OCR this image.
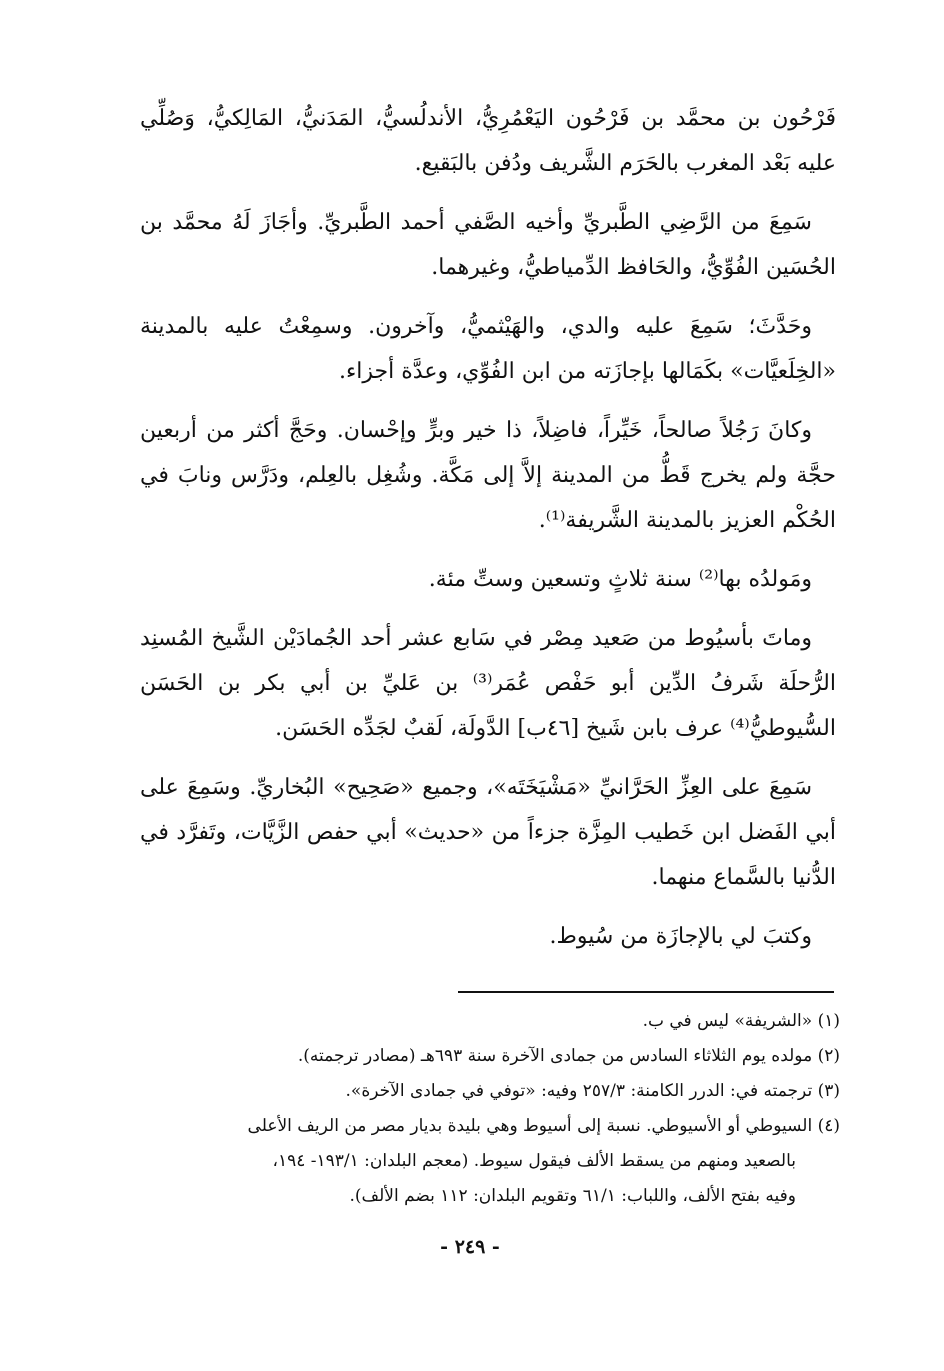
فَرْحُون بن محمَّد بن فَرْحُون اليَعْمُرِيُّ، الأندلُسيُّ، المَدَنيُّ، المَالِكيُّ، وَصُلِّي عليه بَعْد المغرب بالحَرَم الشَّريف ودُفن بالبَقيع.

سَمِعَ من الرَّضِي الطَّبريِّ وأخيه الصَّفي أحمد الطَّبريِّ. وأجَازَ لَهُ محمَّد بن الحُسَين الفُوِّيُّ، والحَافظ الدِّمياطيُّ، وغيرهما.

وحَدَّثَ؛ سَمِعَ عليه والدي، والهَيْثميُّ، وآخرون. وسمِعْتُ عليه بالمدينة «الخِلَعيَّات» بكَمَالها بإجازَته من ابن الفُوِّي، وعدَّة أجزاء.

وكانَ رَجُلاً صالحاً، خَيِّراً، فاضِلاً، ذا خير وبرٍّ وإحْسان. وحَجَّ أكثر من أربعين حجَّة ولم يخرج قَطُّ من المدينة إلاَّ إلى مَكَّة. وشُغِل بالعِلم، ودَرَّس ونابَ في الحُكْم العزيز بالمدينة الشَّريفة⁽¹⁾.

ومَولدُه بها⁽²⁾ سنة ثلاثٍ وتسعين وستِّ مئة.

وماتَ بأسيُوط من صَعيد مِصْر في سَابع عشر أحد الجُمادَيْن الشَّيخ المُسنِد الرُّحلَة شَرفُ الدِّين أبو حَفْص عُمَر⁽³⁾ بن عَليِّ بن أبي بكر بن الحَسَن السُّيوطيُّ⁽⁴⁾ عرف بابن شَيخ [٤٦ب] الدَّولَة، لَقبٌ لجَدِّه الحَسَن.

سَمِعَ على العِزِّ الحَرَّانيِّ «مَشْيَخَتَه»، وجميع «صَحِيح» البُخاريِّ. وسَمِعَ على أبي الفَضل ابن خَطيب المِزَّة جزءاً من «حديث» أبي حفص الزَّيَّات، وتَفرَّد في الدُّنيا بالسَّماع منهما.

وكتبَ لي بالإجازَة من سُيوط.

(١) «الشريفة» ليس في ب.

(٢) مولده يوم الثلاثاء السادس من جمادى الآخرة سنة ٦٩٣هـ (مصادر ترجمته).

(٣) ترجمته في: الدرر الكامنة: ٢٥٧/٣ وفيه: «توفي في جمادى الآخرة».

(٤) السيوطي أو الأسيوطي. نسبة إلى أسيوط وهي بليدة بديار مصر من الريف الأعلى

بالصعيد ومنهم من يسقط الألف فيقول سيوط. (معجم البلدان: ١٩٣/١- ١٩٤،

وفيه بفتح الألف، واللباب: ٦١/١ وتقويم البلدان: ١١٢ بضم الألف).

- ٢٤٩ -
